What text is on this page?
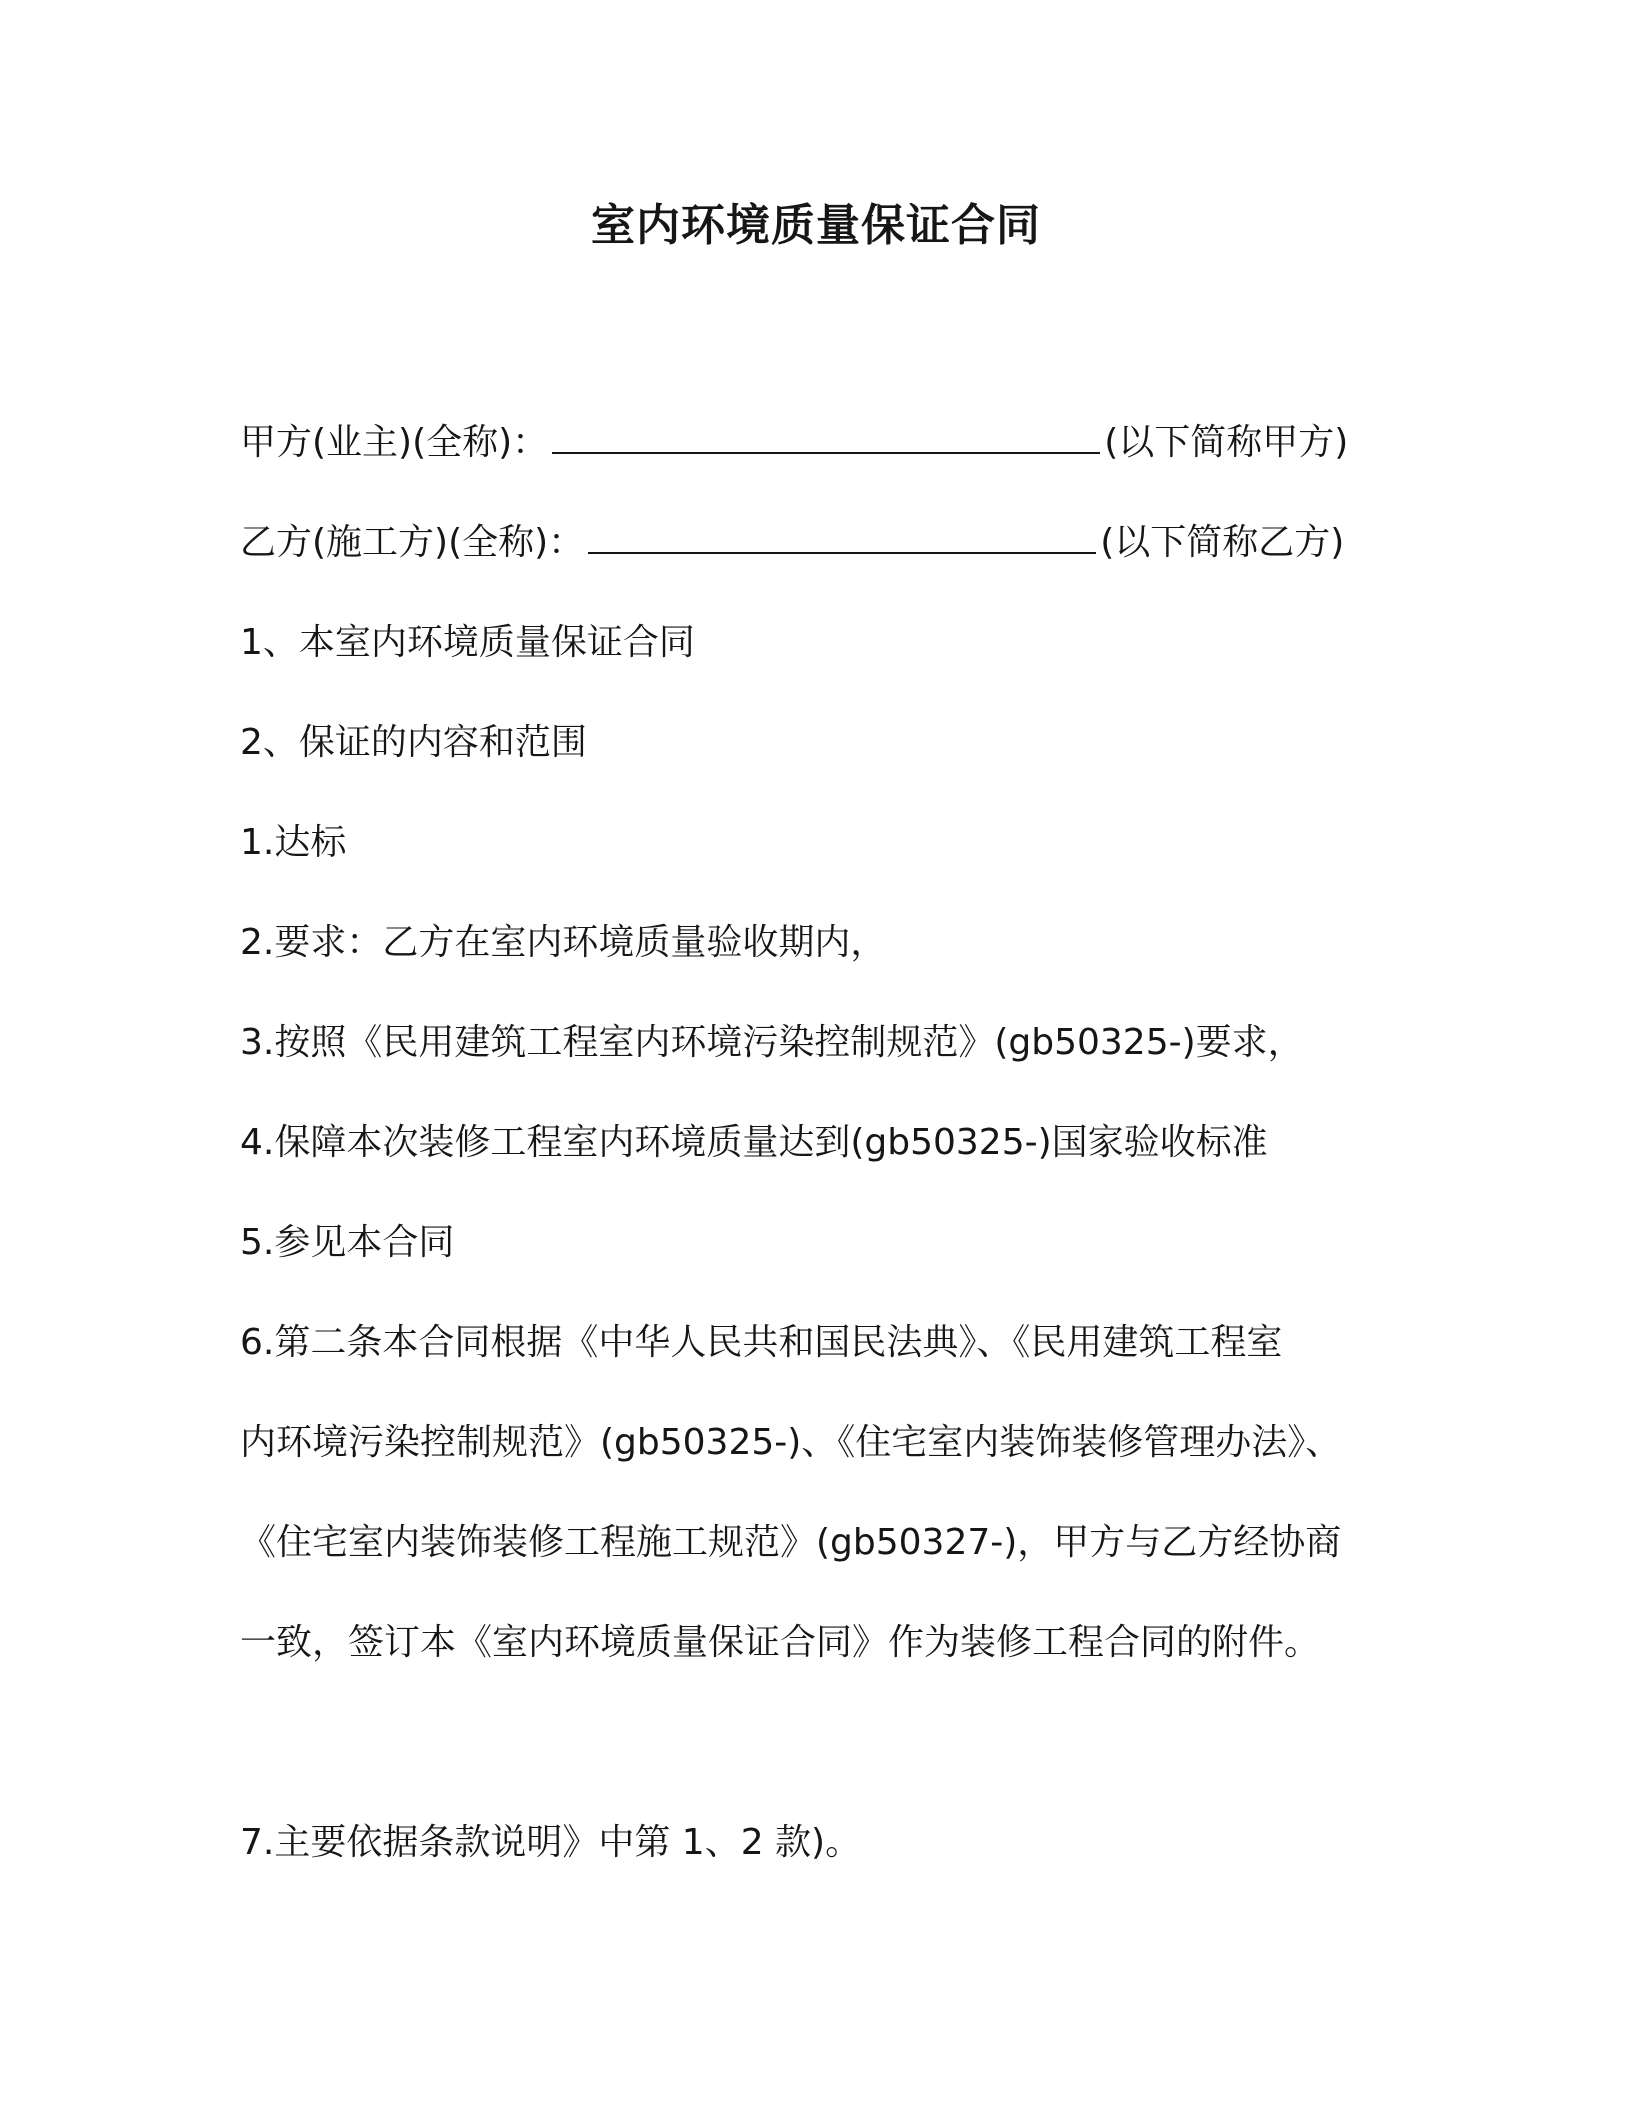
室内环境质量保证合同
甲方(业主)(全称)：	(以下简称甲方)
乙方(施工方)(全称)：	(以下简称乙方)
1、本室内环境质量保证合同
2、保证的内容和范围
1.达标
2.要求：乙方在室内环境质量验收期内，
3.按照《民用建筑工程室内环境污染控制规范》(gb50325-)要求，
4.保障本次装修工程室内环境质量达到(gb50325-)国家验收标准
5.参见本合同
6.第二条本合同根据《中华人民共和国民法典》、《民用建筑工程室
内环境污染控制规范》(gb50325-)、《住宅室内装饰装修管理办法》、
《住宅室内装饰装修工程施工规范》(gb50327-)，甲方与乙方经协商
一致，签订本《室内环境质量保证合同》作为装修工程合同的附件。
7.主要依据条款说明》中第 1、2 款)。
